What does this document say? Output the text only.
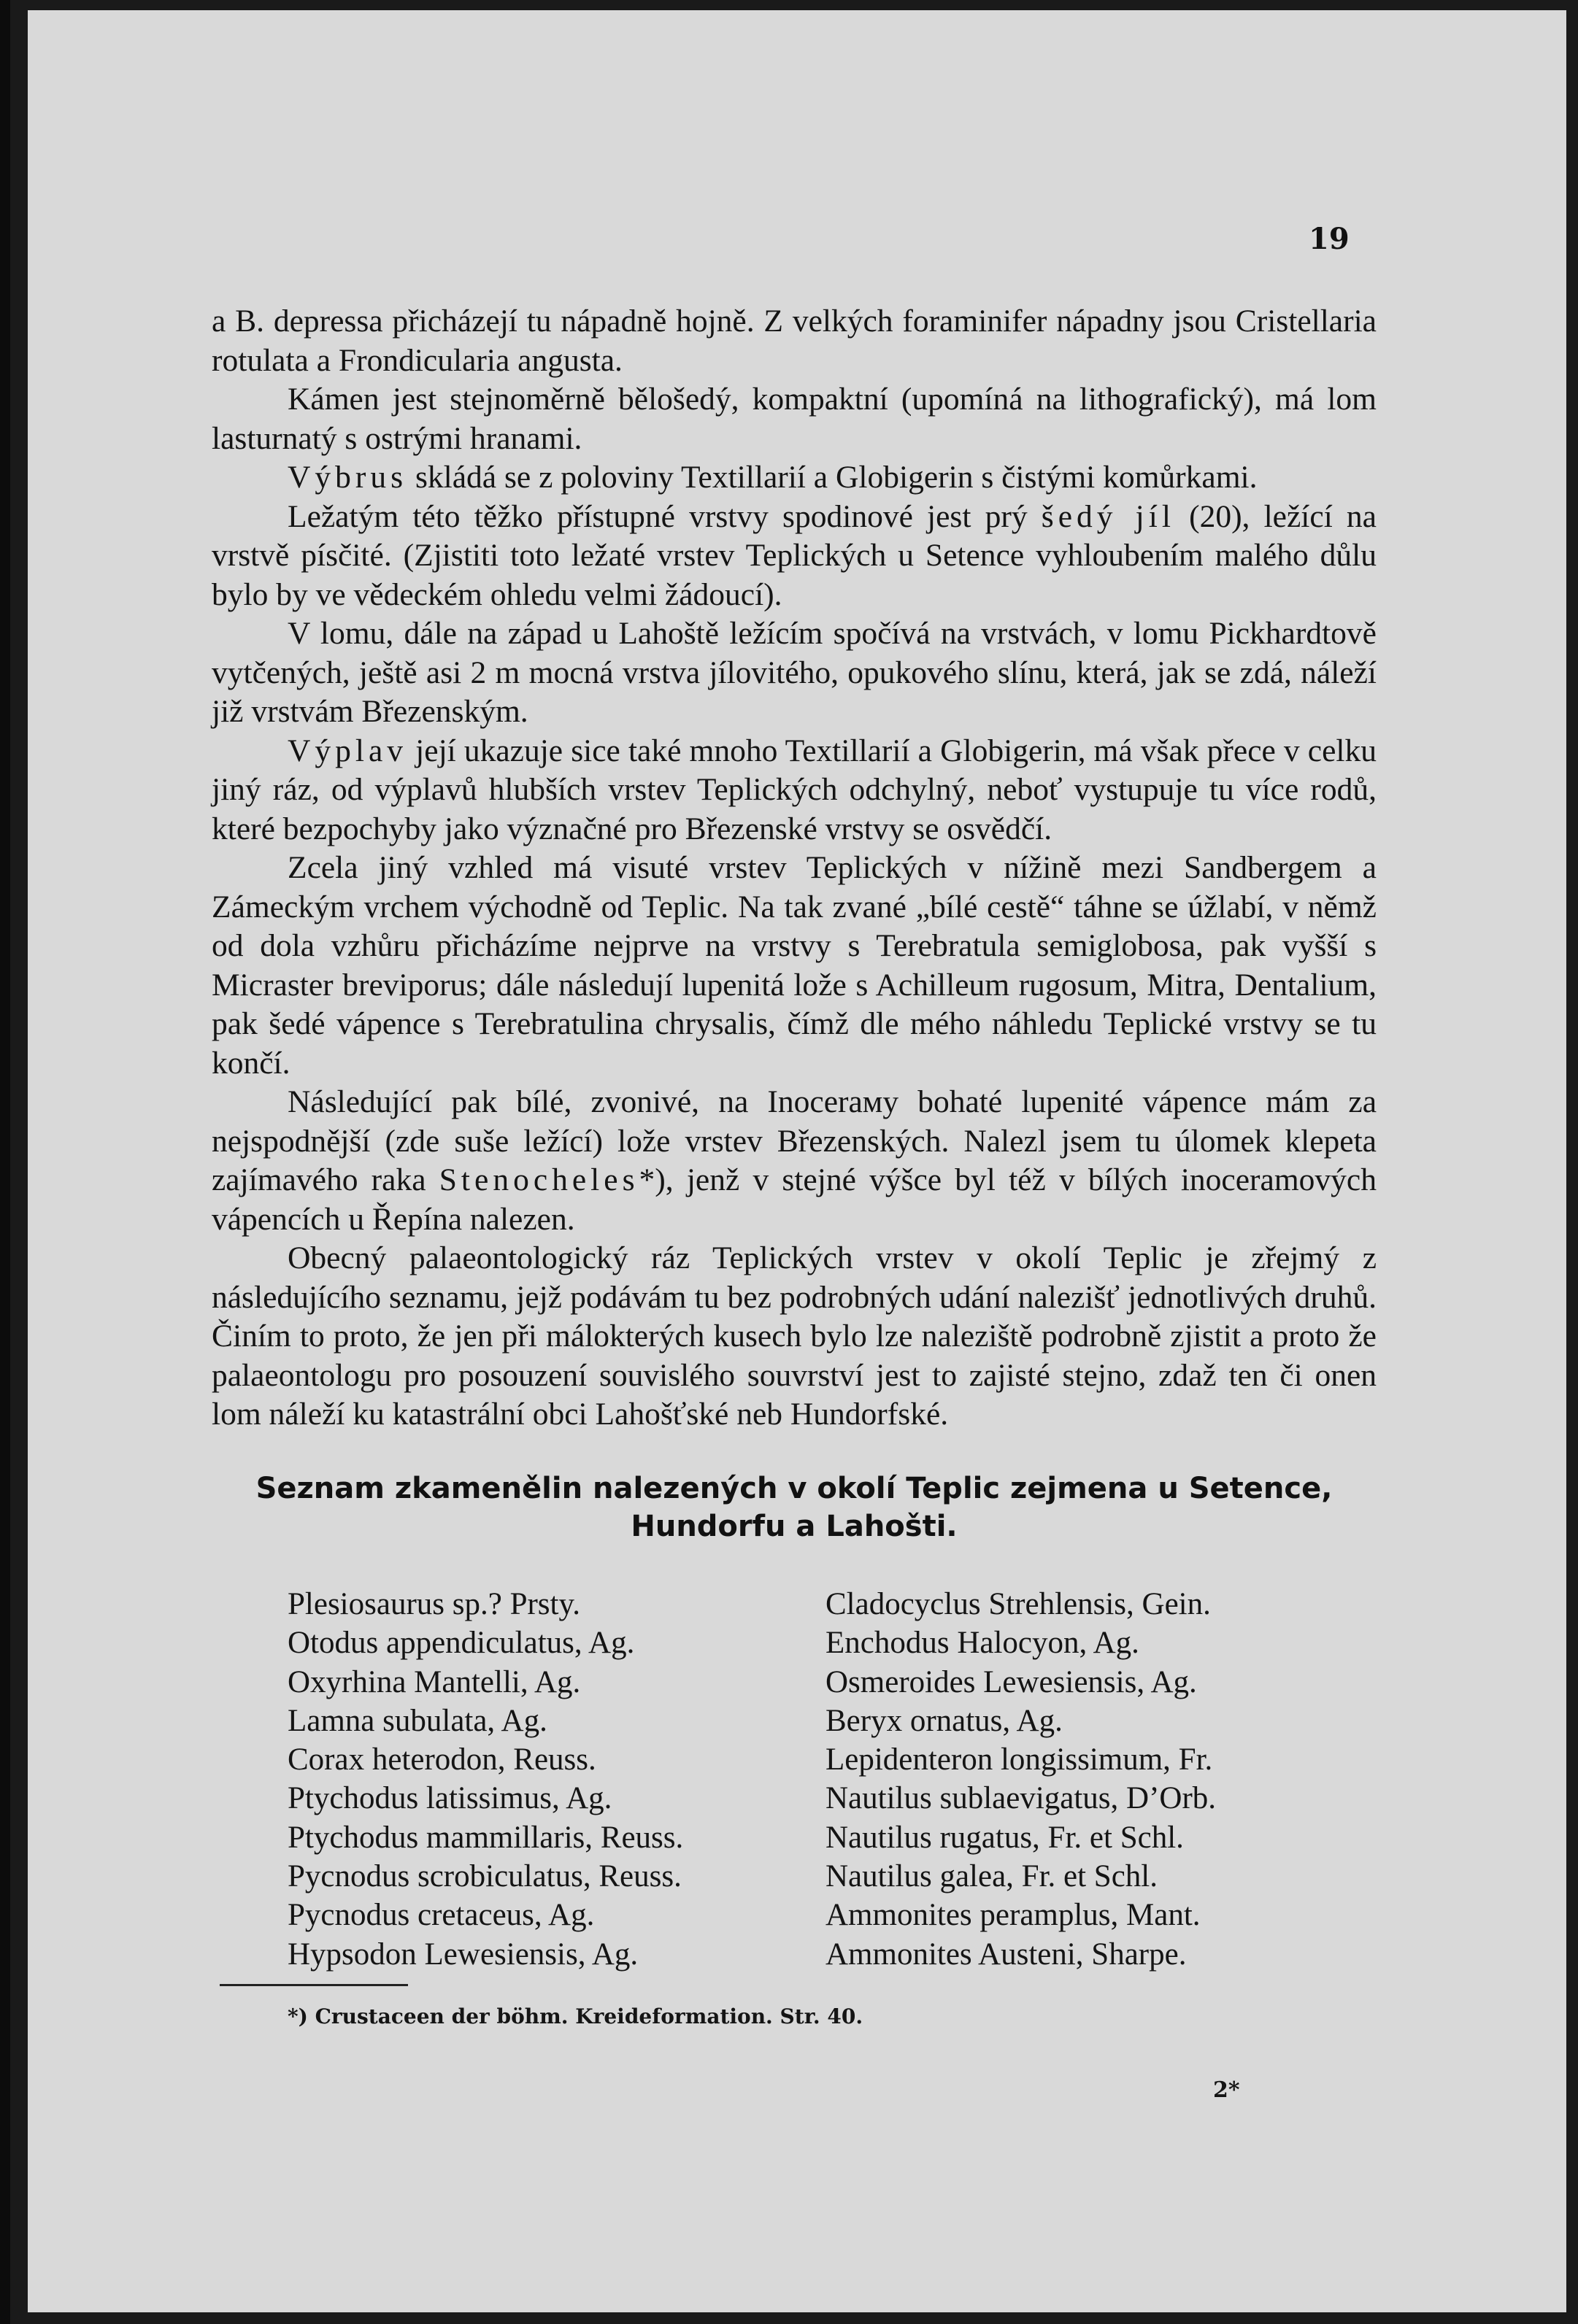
19

a B. depressa přicházejí tu nápadně hojně. Z velkých foraminifer nápadny jsou Cristellaria rotulata a Frondicularia angusta.

Kámen jest stejnoměrně bělošedý, kompaktní (upomíná na lithografický), má lom lasturnatý s ostrými hranami.

Výbrus skládá se z poloviny Textillarií a Globigerin s čistými komůrkami.

Ležatým této těžko přístupné vrstvy spodinové jest prý šedý jíl (20), ležící na vrstvě písčité. (Zjistiti toto ležaté vrstev Teplických u Setence vyhloubením malého důlu bylo by ve vědeckém ohledu velmi žádoucí).

V lomu, dále na západ u Lahoště ležícím spočívá na vrstvách, v lomu Pickhardtově vytčených, ještě asi 2 m mocná vrstva jílovitého, opukového slínu, která, jak se zdá, náleží již vrstvám Březenským.

Výplav její ukazuje sice také mnoho Textillarií a Globigerin, má však přece v celku jiný ráz, od výplavů hlubších vrstev Teplických odchylný, neboť vystupuje tu více rodů, které bezpochyby jako význačné pro Březenské vrstvy se osvědčí.

Zcela jiný vzhled má visuté vrstev Teplických v nížině mezi Sandbergem a Zámeckým vrchem východně od Teplic. Na tak zvané „bílé cestě“ táhne se úžlabí, v němž od dola vzhůru přicházíme nejprve na vrstvy s Terebratula semiglobosa, pak vyšší s Micraster breviporus; dále následují lupenitá lože s Achilleum rugosum, Mitra, Dentalium, pak šedé vápence s Terebratulina chrysalis, čímž dle mého náhledu Teplické vrstvy se tu končí.

Následující pak bílé, zvonivé, na Inocerамy bohaté lupenité vápence mám za nejspodnější (zde suše ležící) lože vrstev Březenských. Nalezl jsem tu úlomek klepeta zajímavého raka Stenocheles*), jenž v stejné výšce byl též v bílých inoceramových vápencích u Řepína nalezen.

Obecný palaeontologický ráz Teplických vrstev v okolí Teplic je zřejmý z následujícího seznamu, jejž podávám tu bez podrobných udání nalezišť jednotlivých druhů. Činím to proto, že jen při málokterých kusech bylo lze naleziště podrobně zjistit a proto že palaeontologu pro posouzení souvislého souvrství jest to zajisté stejno, zdaž ten či onen lom náleží ku katastrální obci Lahošťské neb Hundorfské.

Seznam zkamenělin nalezených v okolí Teplic zejmena u Setence,
Hundorfu a Lahošti.
Plesiosaurus sp.? Prsty.
Otodus appendiculatus, Ag.
Oxyrhina Mantelli, Ag.
Lamna subulata, Ag.
Corax heterodon, Reuss.
Ptychodus latissimus, Ag.
Ptychodus mammillaris, Reuss.
Pycnodus scrobiculatus, Reuss.
Pycnodus cretaceus, Ag.
Hypsodon Lewesiensis, Ag.
Cladocyclus Strehlensis, Gein.
Enchodus Halocyon, Ag.
Osmeroides Lewesiensis, Ag.
Beryx ornatus, Ag.
Lepidenteron longissimum, Fr.
Nautilus sublaevigatus, D’Orb.
Nautilus rugatus, Fr. et Schl.
Nautilus galea, Fr. et Schl.
Ammonites peramplus, Mant.
Ammonites Austeni, Sharpe.
*) Crustaceen der böhm. Kreideformation. Str. 40.
2*
